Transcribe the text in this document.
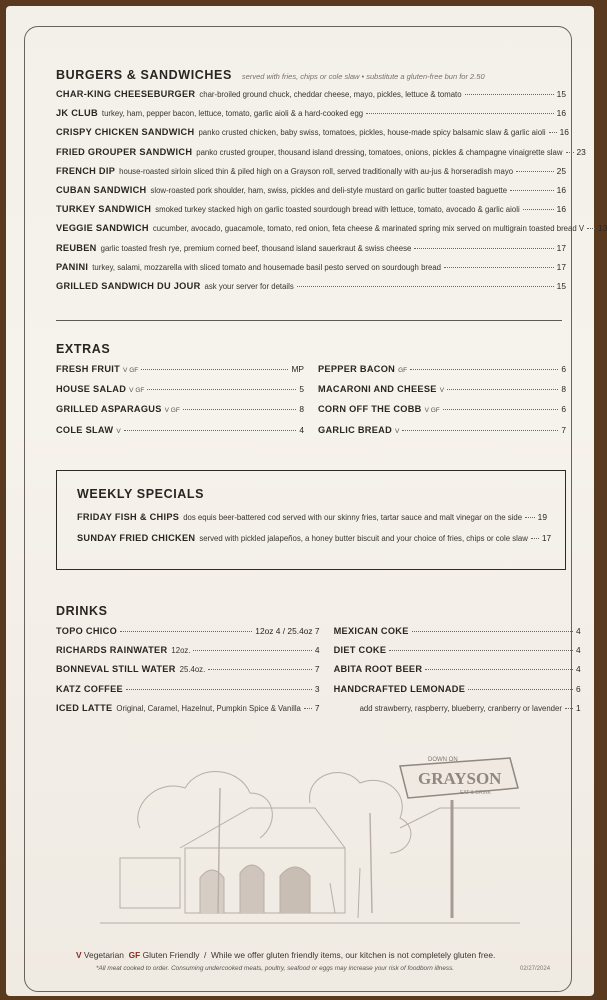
BURGERS & SANDWICHES served with fries, chips or cole slaw • substitute a gluten-free bun for 2.50
CHAR-KING CHEESEBURGER char-broiled ground chuck, cheddar cheese, mayo, pickles, lettuce & tomato	15
JK CLUB turkey, ham, pepper bacon, lettuce, tomato, garlic aioli & a hard-cooked egg	16
CRISPY CHICKEN SANDWICH panko crusted chicken, baby swiss, tomatoes, pickles, house-made spicy balsamic slaw & garlic aioli 16
FRIED GROUPER SANDWICH panko crusted grouper, thousand island dressing, tomatoes, onions, pickles & champagne vinaigrette slaw 23
FRENCH DIP house-roasted sirloin sliced thin & piled high on a Grayson roll, served traditionally with au-jus & horseradish mayo	25
CUBAN SANDWICH slow-roasted pork shoulder, ham, swiss, pickles and deli-style mustard on garlic butter toasted baguette	16
TURKEY SANDWICH smoked turkey stacked high on garlic toasted sourdough bread with lettuce, tomato, avocado & garlic aioli	16
VEGGIE SANDWICH cucumber, avocado, guacamole, tomato, red onion, feta cheese & marinated spring mix served on multigrain toasted bread V 13
REUBEN garlic toasted fresh rye, premium corned beef, thousand island sauerkraut & swiss cheese	17
PANINI turkey, salami, mozzarella with sliced tomato and housemade basil pesto served on sourdough bread	17
GRILLED SANDWICH DU JOUR ask your server for details	15
EXTRAS
FRESH FRUIT V GF	MP
HOUSE SALAD V GF	5
GRILLED ASPARAGUS V GF	8
COLE SLAW V	4
PEPPER BACON GF	6
MACARONI AND CHEESE V	8
CORN OFF THE COBB V GF	6
GARLIC BREAD V	7
WEEKLY SPECIALS
FRIDAY FISH & CHIPS dos equis beer-battered cod served with our skinny fries, tartar sauce and malt vinegar on the side 19
SUNDAY FRIED CHICKEN served with pickled jalapeños, a honey butter biscuit and your choice of fries, chips or cole slaw 17
DRINKS
TOPO CHICO	12oz 4 / 25.4oz 7
RICHARDS RAINWATER 12oz.	4
BONNEVAL STILL WATER 25.4oz.	7
KATZ COFFEE	3
ICED LATTE Original, Caramel, Hazelnut, Pumpkin Spice & Vanilla 7
MEXICAN COKE	4
DIET COKE	4
ABITA ROOT BEER	4
HANDCRAFTED LEMONADE	6
add strawberry, raspberry, blueberry, cranberry or lavender 1
DOWN ON
GRAYSON
EAT & DRINK
V Vegetarian GF Gluten Friendly / While we offer gluten friendly items, our kitchen is not completely gluten free.
*All meat cooked to order. Consuming undercooked meats, poultry, seafood or eggs may increase your risk of foodborn illness.	02/27/2024
